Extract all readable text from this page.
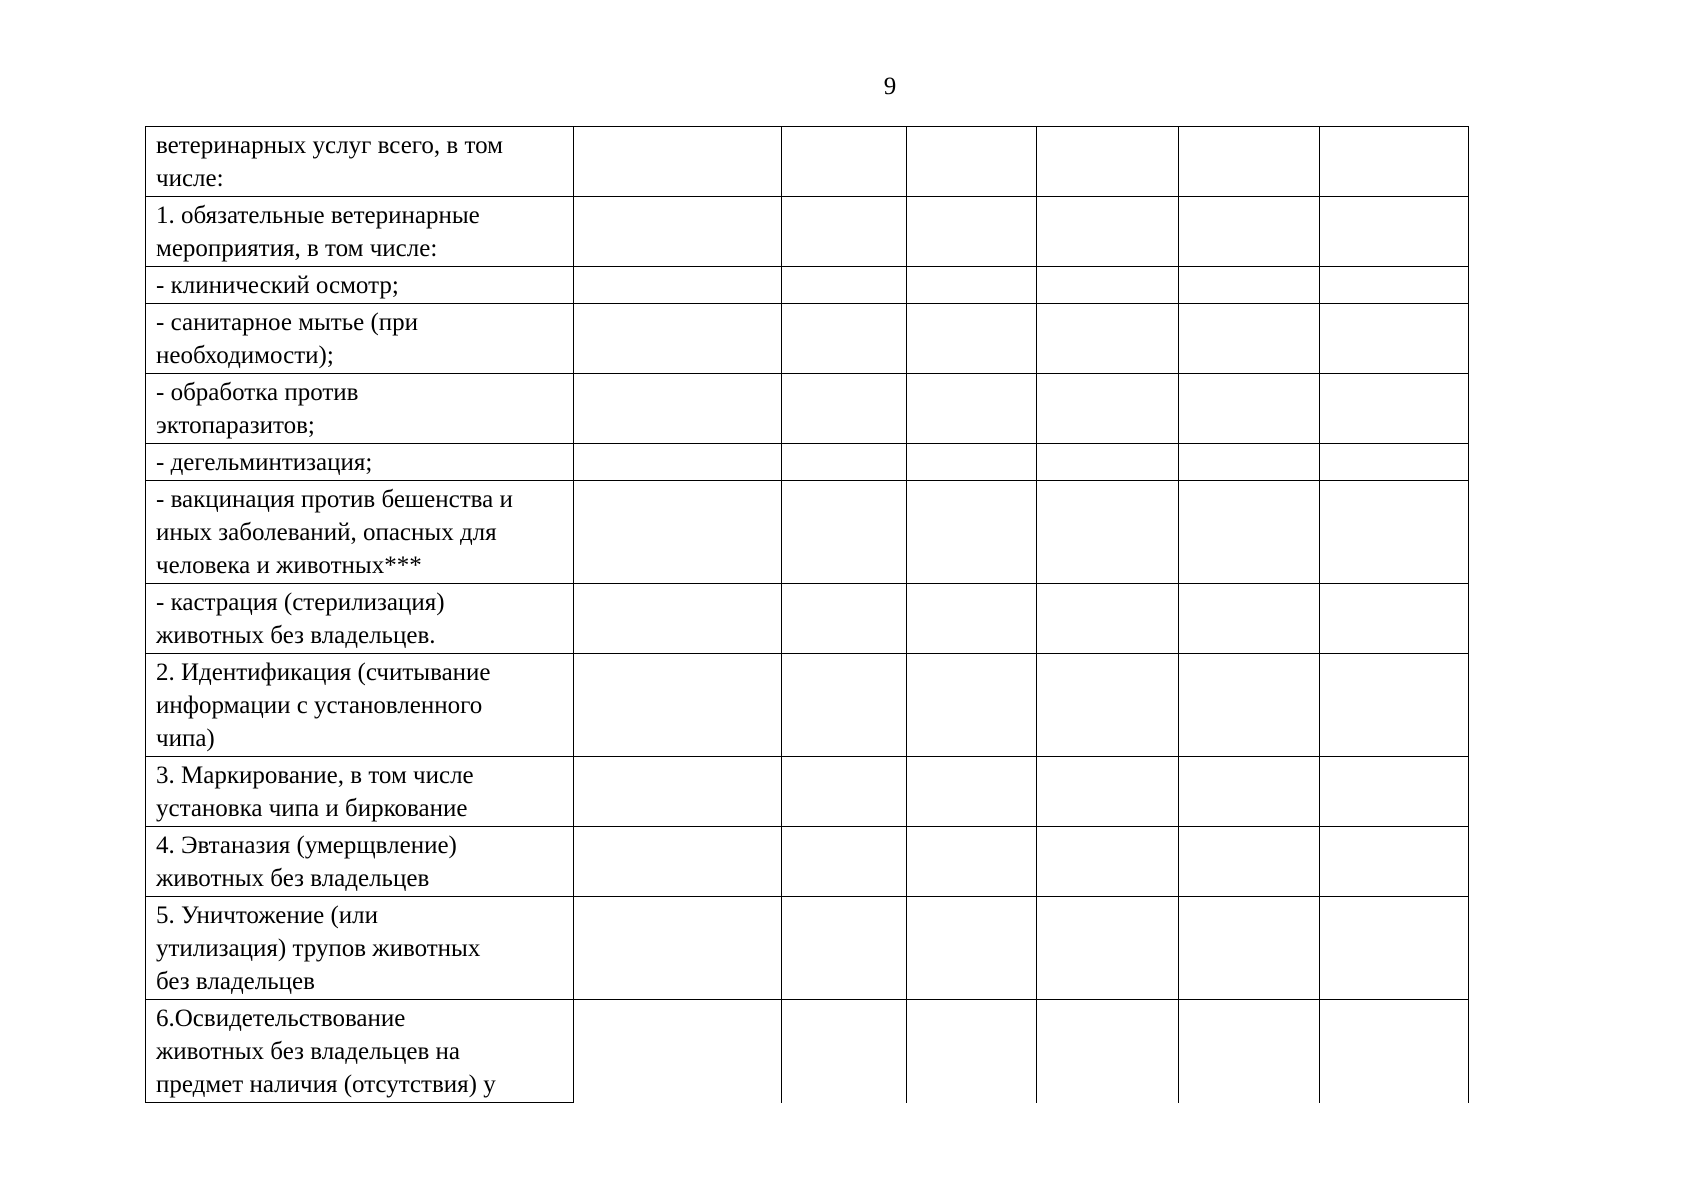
9
ветеринарных услуг всего, в том
числе:						
1. обязательные ветеринарные
мероприятия, в том числе:						
- клинический осмотр;						
- санитарное мытье (при
необходимости);						
- обработка против
эктопаразитов;						
- дегельминтизация;						
- вакцинация против бешенства и
иных заболеваний, опасных для
человека и животных***						
- кастрация (стерилизация)
животных без владельцев.						
2. Идентификация (считывание
информации с установленного
чипа)						
3. Маркирование, в том числе
установка чипа и биркование						
4. Эвтаназия (умерщвление)
животных без владельцев						
5. Уничтожение (или
утилизация) трупов животных
без владельцев						
6.Освидетельствование
животных без владельцев на
предмет наличия (отсутствия) у						
